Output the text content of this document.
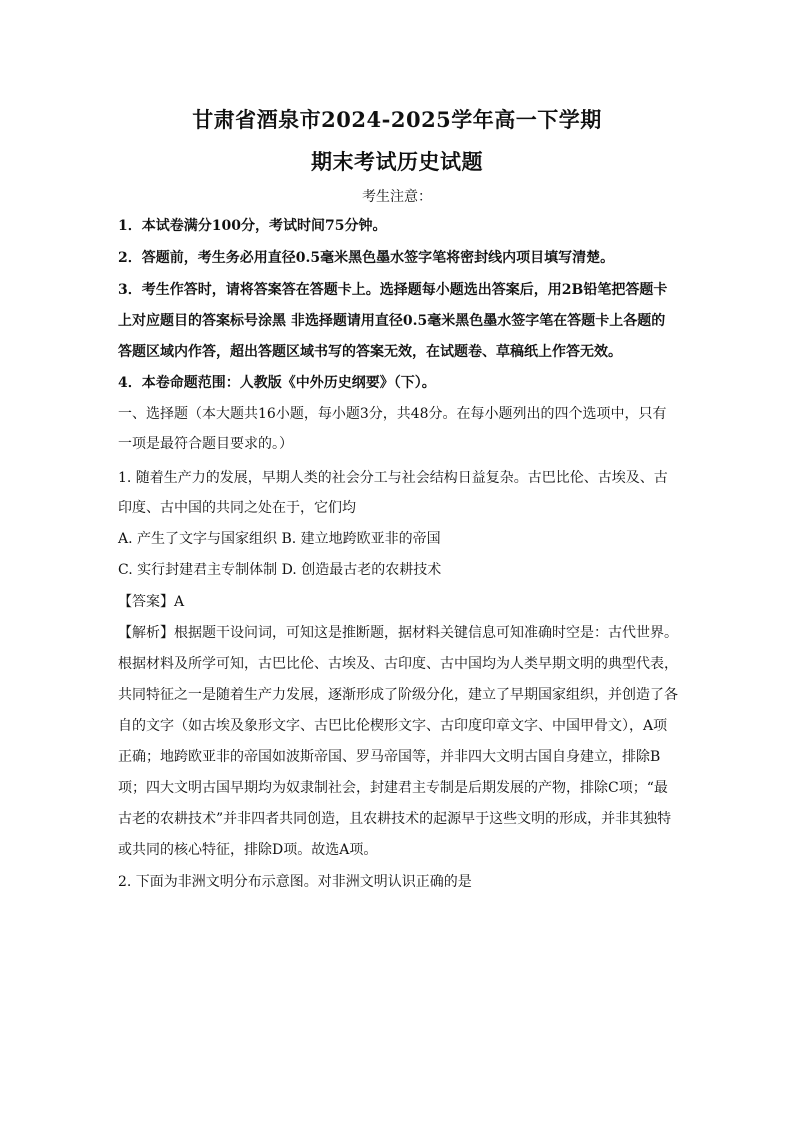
甘肃省酒泉市2024-2025学年高一下学期
期末考试历史试题
考生注意：
1．本试卷满分100分，考试时间75分钟。
2．答题前，考生务必用直径0.5毫米黑色墨水签字笔将密封线内项目填写清楚。
3．考生作答时，请将答案答在答题卡上。选择题每小题选出答案后，用2B铅笔把答题卡
上对应题目的答案标号涂黑 非选择题请用直径0.5毫米黑色墨水签字笔在答题卡上各题的
答题区域内作答，超出答题区域书写的答案无效，在试题卷、草稿纸上作答无效。
4．本卷命题范围：人教版《中外历史纲要》（下）。
一、选择题（本大题共16小题，每小题3分，共48分。在每小题列出的四个选项中，只有
一项是最符合题目要求的。）
1. 随着生产力的发展，早期人类的社会分工与社会结构日益复杂。古巴比伦、古埃及、古
印度、古中国的共同之处在于，它们均
A. 产生了文字与国家组织 B. 建立地跨欧亚非的帝国
C. 实行封建君主专制体制 D. 创造最古老的农耕技术
【答案】A
【解析】根据题干设问词，可知这是推断题，据材料关键信息可知准确时空是：古代世界。
根据材料及所学可知，古巴比伦、古埃及、古印度、古中国均为人类早期文明的典型代表，
共同特征之一是随着生产力发展，逐渐形成了阶级分化，建立了早期国家组织，并创造了各
自的文字（如古埃及象形文字、古巴比伦楔形文字、古印度印章文字、中国甲骨文），A项
正确；地跨欧亚非的帝国如波斯帝国、罗马帝国等，并非四大文明古国自身建立，排除B
项；四大文明古国早期均为奴隶制社会，封建君主专制是后期发展的产物，排除C项；“最
古老的农耕技术”并非四者共同创造，且农耕技术的起源早于这些文明的形成，并非其独特
或共同的核心特征，排除D项。故选A项。
2. 下面为非洲文明分布示意图。对非洲文明认识正确的是
